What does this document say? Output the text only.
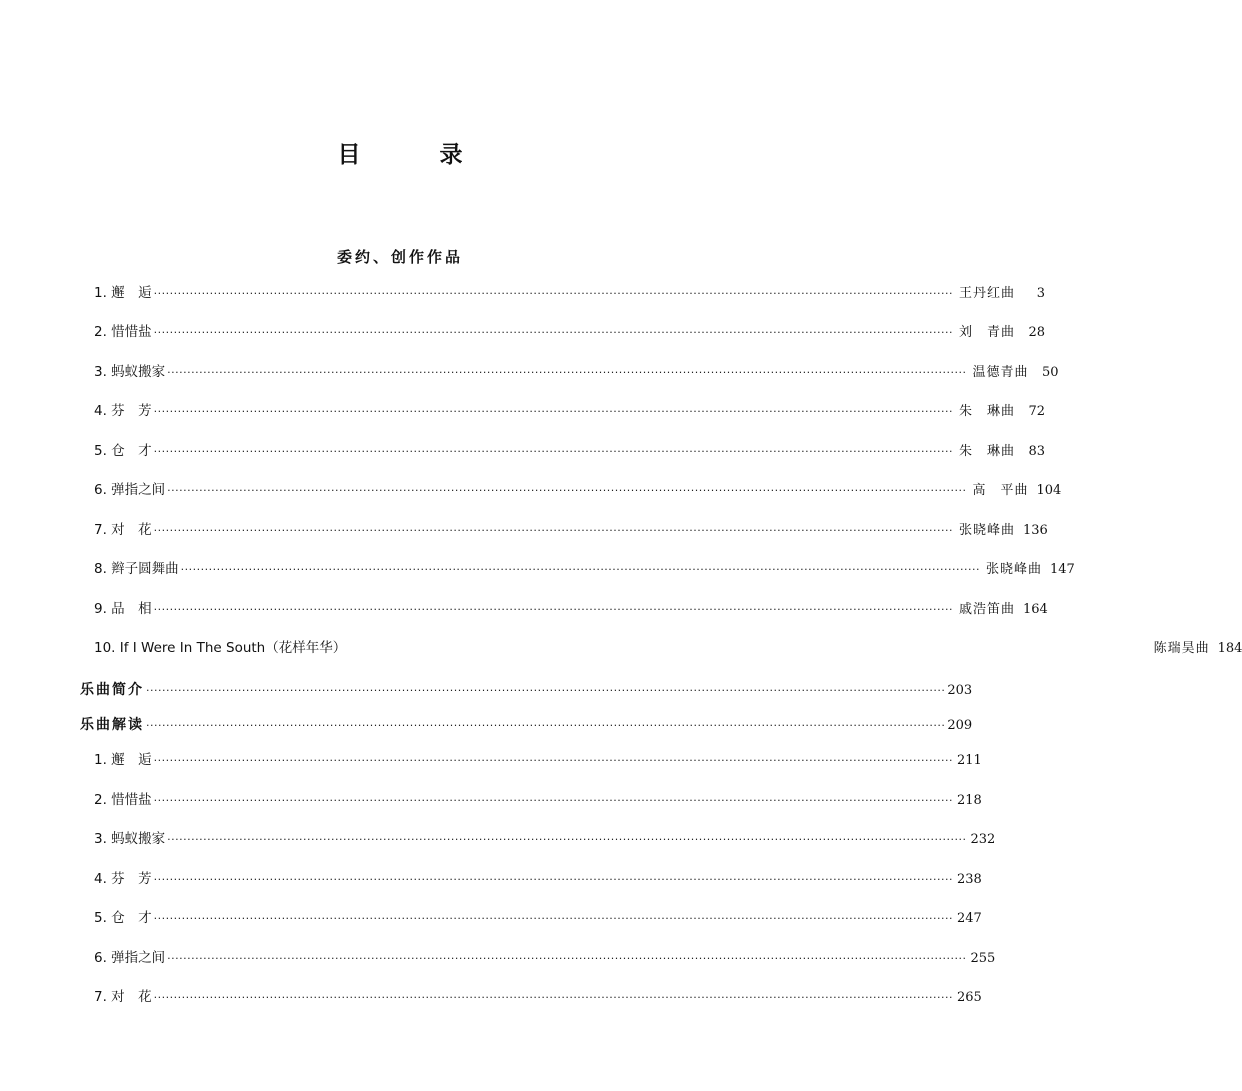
目　录
委约、创作作品
1. 邂　逅 ········································································································································································································ 王丹红曲	3
2. 惜惜盐 ········································································································································································································ 刘　青曲	28
3. 蚂蚁搬家 ········································································································································································································ 温德青曲	50
4. 芬　芳 ········································································································································································································ 朱　琳曲	72
5. 仓　才 ········································································································································································································ 朱　琳曲	83
6. 弹指之间 ········································································································································································································ 高　平曲 104
7. 对　花 ········································································································································································································ 张晓峰曲 136
8. 辫子圆舞曲 ········································································································································································································ 张晓峰曲 147
9. 品　相 ········································································································································································································ 戚浩笛曲 164
10. If I Were In The South（花样年华）	陈瑞昊曲 184
乐曲简介 ········································································································································································································ 203
乐曲解读 ········································································································································································································ 209
1. 邂　逅 ········································································································································································································ 211
2. 惜惜盐 ········································································································································································································ 218
3. 蚂蚁搬家 ········································································································································································································ 232
4. 芬　芳 ········································································································································································································ 238
5. 仓　才 ········································································································································································································ 247
6. 弹指之间 ········································································································································································································ 255
7. 对　花 ········································································································································································································ 265
